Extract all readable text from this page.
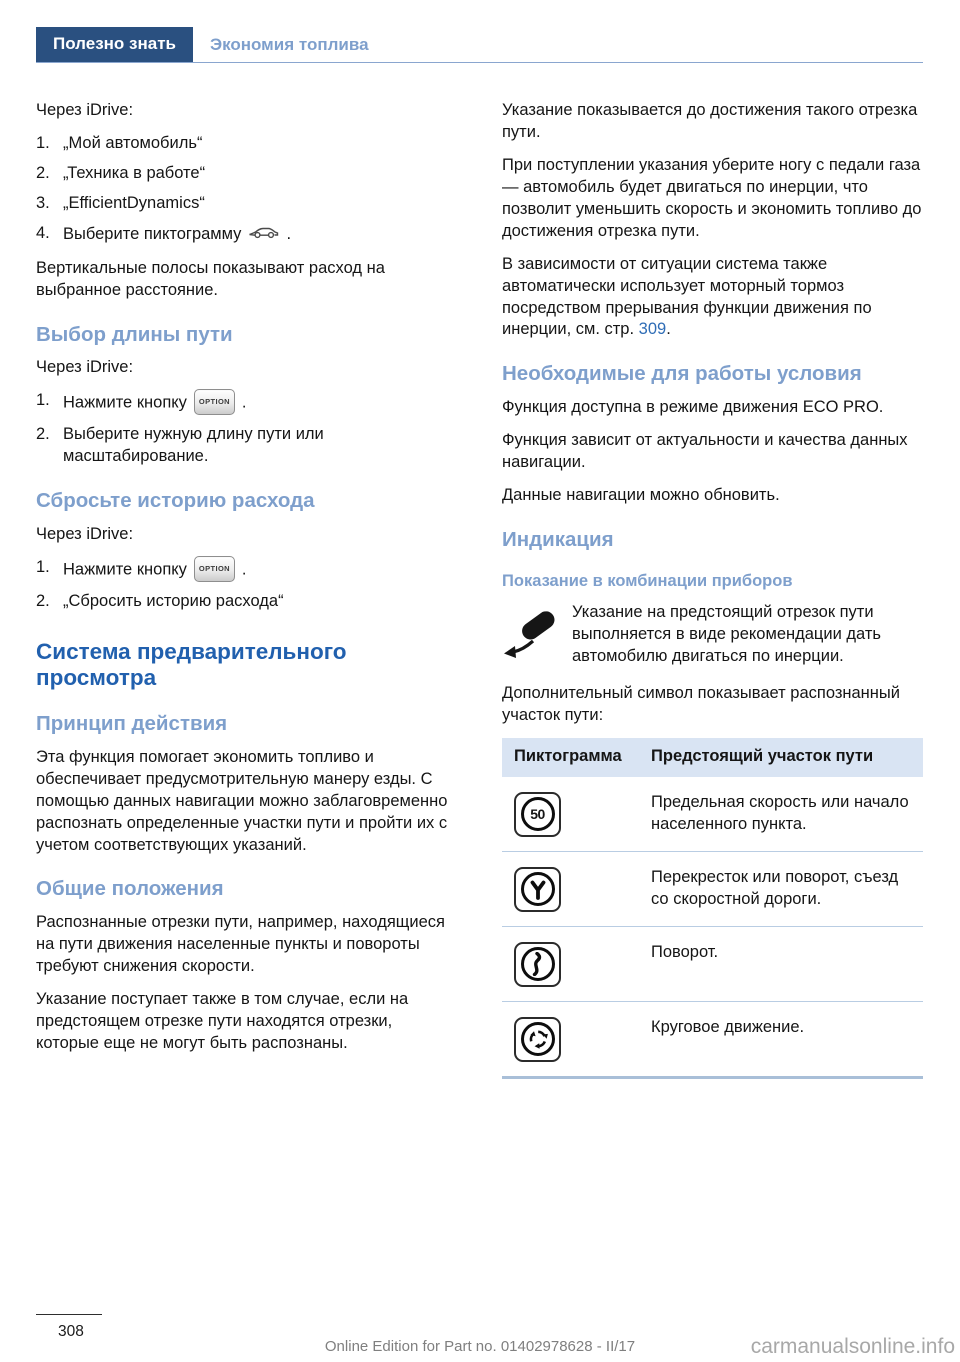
Полезно знать	Экономия топлива

Через iDrive:

1. „Мой автомобиль“
2. „Техника в работе“
3. „EfficientDynamics“
4. Выберите пиктограмму	.

Вертикальные полосы показывают расход на выбранное расстояние.

Выбор длины пути

Через iDrive:

1. Нажмите кнопку OPTION .
2. Выберите нужную длину пути или масштабирование.
Сбросьте историю расхода

Через iDrive:

1. Нажмите кнопку OPTION .
2. „Сбросить историю расхода“
Система предварительного просмотра
Принцип действия

Эта функция помогает экономить топливо и обеспечивает предусмотрительную манеру езды. С помощью данных навигации можно заблаговременно распознать определенные участки пути и пройти их с учетом соответствующих указаний.

Общие положения

Распознанные отрезки пути, например, находящиеся на пути движения населенные пункты и повороты требуют снижения скорости.

Указание поступает также в том случае, если на предстоящем отрезке пути находятся отрезки, которые еще не могут быть распознаны.

Указание показывается до достижения такого отрезка пути.

При поступлении указания уберите ногу с педали газа — автомобиль будет двигаться по инерции, что позволит уменьшить скорость и экономить топливо до достижения отрезка пути.

В зависимости от ситуации система также автоматически использует моторный тормоз посредством прерывания функции движения по инерции, см. стр. 309.

Необходимые для работы условия

Функция доступна в режиме движения ECO PRO.

Функция зависит от актуальности и качества данных навигации.

Данные навигации можно обновить.

Индикация
Показание в комбинации приборов
Указание на предстоящий отрезок пути выполняется в виде рекомендации дать автомобилю двигаться по инерции.

Дополнительный символ показывает распознанный участок пути:

Пиктограмма	Предстоящий участок пути

50	Предельная скорость или начало населенного пункта.

	Перекресток или поворот, съезд со скоростной дороги.

	Поворот.

	Круговое движение.
308
Online Edition for Part no. 01402978628 - II/17	carmanualsonline.info
